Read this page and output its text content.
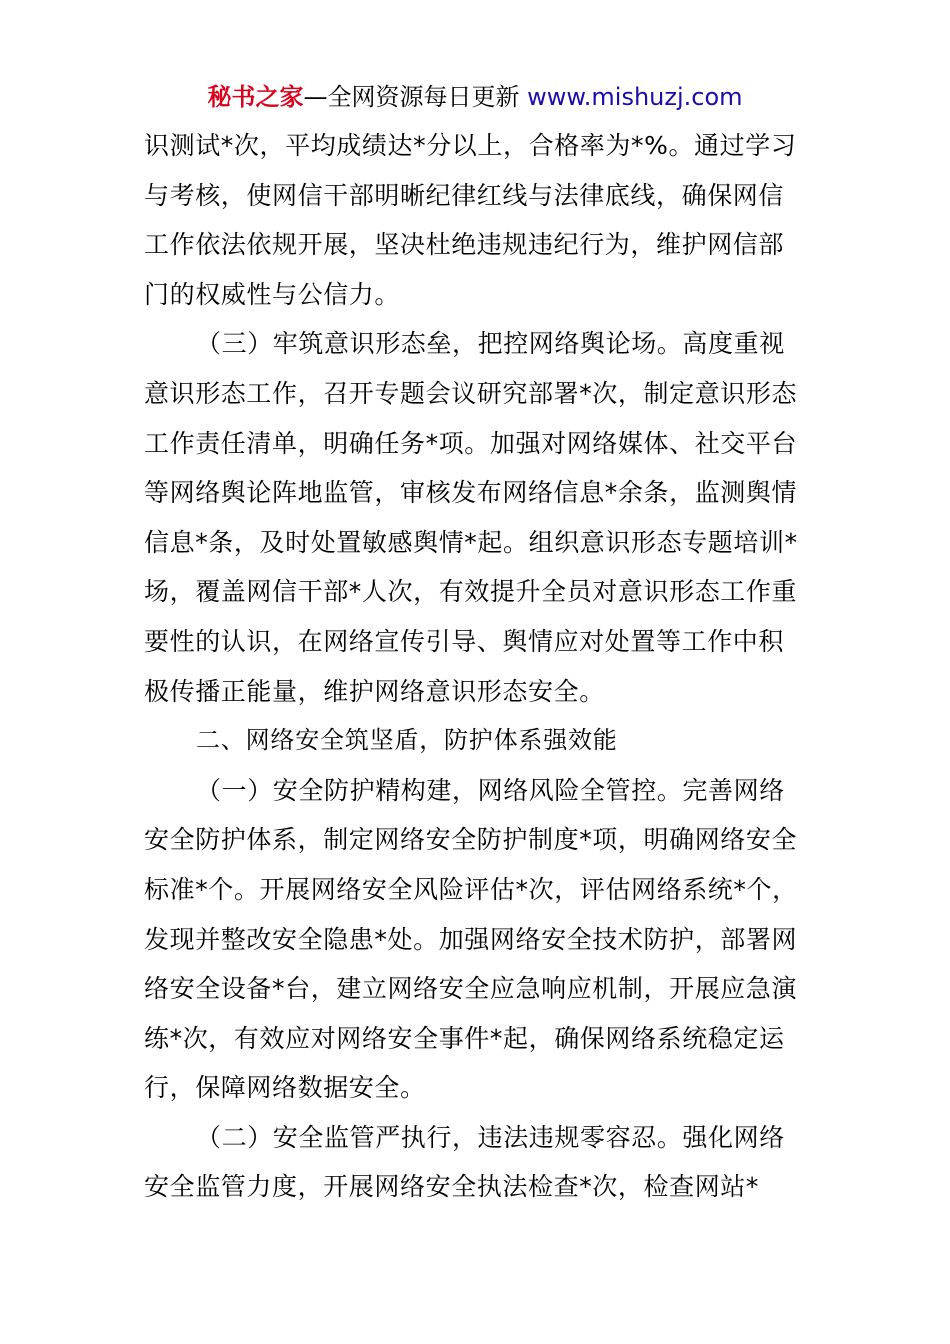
秘书之家—全网资源每日更新 www.mishuzj.com
识测试*次，平均成绩达*分以上，合格率为*%。通过学习
与考核，使网信干部明晰纪律红线与法律底线，确保网信
工作依法依规开展，坚决杜绝违规违纪行为，维护网信部
门的权威性与公信力。
（三）牢筑意识形态垒，把控网络舆论场。高度重视
意识形态工作，召开专题会议研究部署*次，制定意识形态
工作责任清单，明确任务*项。加强对网络媒体、社交平台
等网络舆论阵地监管，审核发布网络信息*余条，监测舆情
信息*条，及时处置敏感舆情*起。组织意识形态专题培训*
场，覆盖网信干部*人次，有效提升全员对意识形态工作重
要性的认识，在网络宣传引导、舆情应对处置等工作中积
极传播正能量，维护网络意识形态安全。
二、网络安全筑坚盾，防护体系强效能
（一）安全防护精构建，网络风险全管控。完善网络
安全防护体系，制定网络安全防护制度*项，明确网络安全
标准*个。开展网络安全风险评估*次，评估网络系统*个，
发现并整改安全隐患*处。加强网络安全技术防护，部署网
络安全设备*台，建立网络安全应急响应机制，开展应急演
练*次，有效应对网络安全事件*起，确保网络系统稳定运
行，保障网络数据安全。
（二）安全监管严执行，违法违规零容忍。强化网络
安全监管力度，开展网络安全执法检查*次，检查网站*
